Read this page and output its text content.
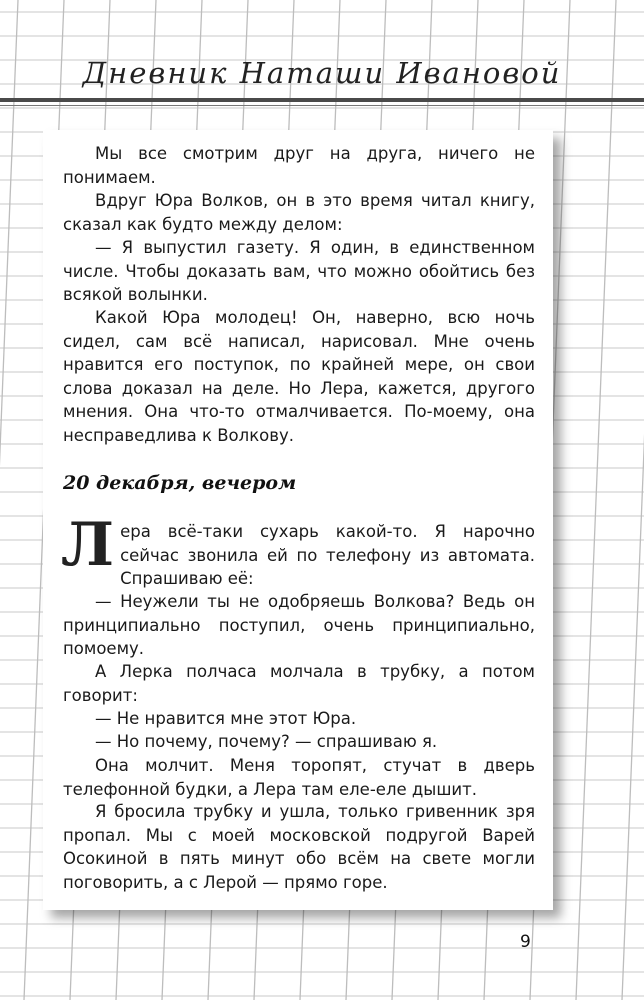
Дневник Наташи Ивановой

Мы все смотрим друг на друга, ничего не понимаем.

Вдруг Юра Волков, он в это время читал книгу, сказал как будто между делом:

— Я выпустил газету. Я один, в единственном числе. Чтобы доказать вам, что можно обойтись без всякой волынки.

Какой Юра молодец! Он, наверно, всю ночь сидел, сам всё написал, нарисовал. Мне очень нравится его поступок, по крайней мере, он свои слова доказал на деле. Но Лера, кажется, другого мнения. Она что-то отмалчивается. По-моему, она несправедлива к Волкову.

20 декабря, вечером

Лера всё-таки сухарь какой-то. Я нарочно сейчас звонила ей по телефону из автомата. Спрашиваю её:

— Неужели ты не одобряешь Волкова? Ведь он принципиально поступил, очень принципиально, помоему.

А Лерка полчаса молчала в трубку, а потом говорит:

— Не нравится мне этот Юра.

— Но почему, почему? — спрашиваю я.

Она молчит. Меня торопят, стучат в дверь телефонной будки, а Лера там еле-еле дышит.

Я бросила трубку и ушла, только гривенник зря пропал. Мы с моей московской подругой Варей Осокиной в пять минут обо всём на свете могли поговорить, а с Лерой — прямо горе.

9
